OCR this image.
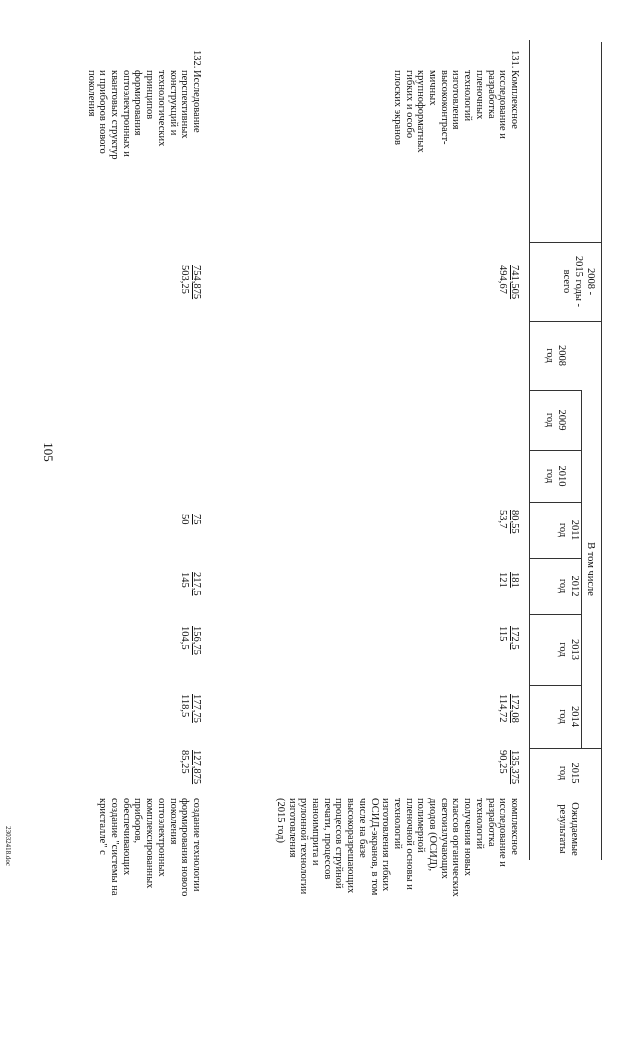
105
23032418.doc
2008 -
2015 годы -
всего
В том числе
2008
год
2009
год
2010
год
2011
год
2012
год
2013
год
2014
год
2015
год
Ожидаемые
результаты
131.
Комплексное
исследование и
разработка
пленочных
технологий
изготовления
высококонтраст-
мичных
крупноформатных
гибких и особо
плоских экранов
741,505
494,67
80,55
53,7
181
121
172,5
115
172,08
114,72
135,375
90,25
комплексное
исследование и
разработка
технологий
получения новых
классов органических
светоизлучающих
диодов (ОСИД),
полимерной
пленочной основы и
технологий
изготовления гибких
ОСИД-экранов, в том
числе на базе
высокоразрешающих
процессов струйной
печати, процессов
наноимприта и
рулонной технологии
изготовления
(2015 год)
132.
Исследование
перспективных
конструкций и
технологических
принципов
формирования
оптоэлектронных и
квантовых структур
и приборов нового
поколения
754,875
503,25
75
50
217,5
145
156,75
104,5
177,75
118,5
127,875
85,25
создание технологии
формирования нового
поколения
оптоэлектронных
комплексированных
приборов,
обеспечивающих
создание "системы на
кристалле" с
